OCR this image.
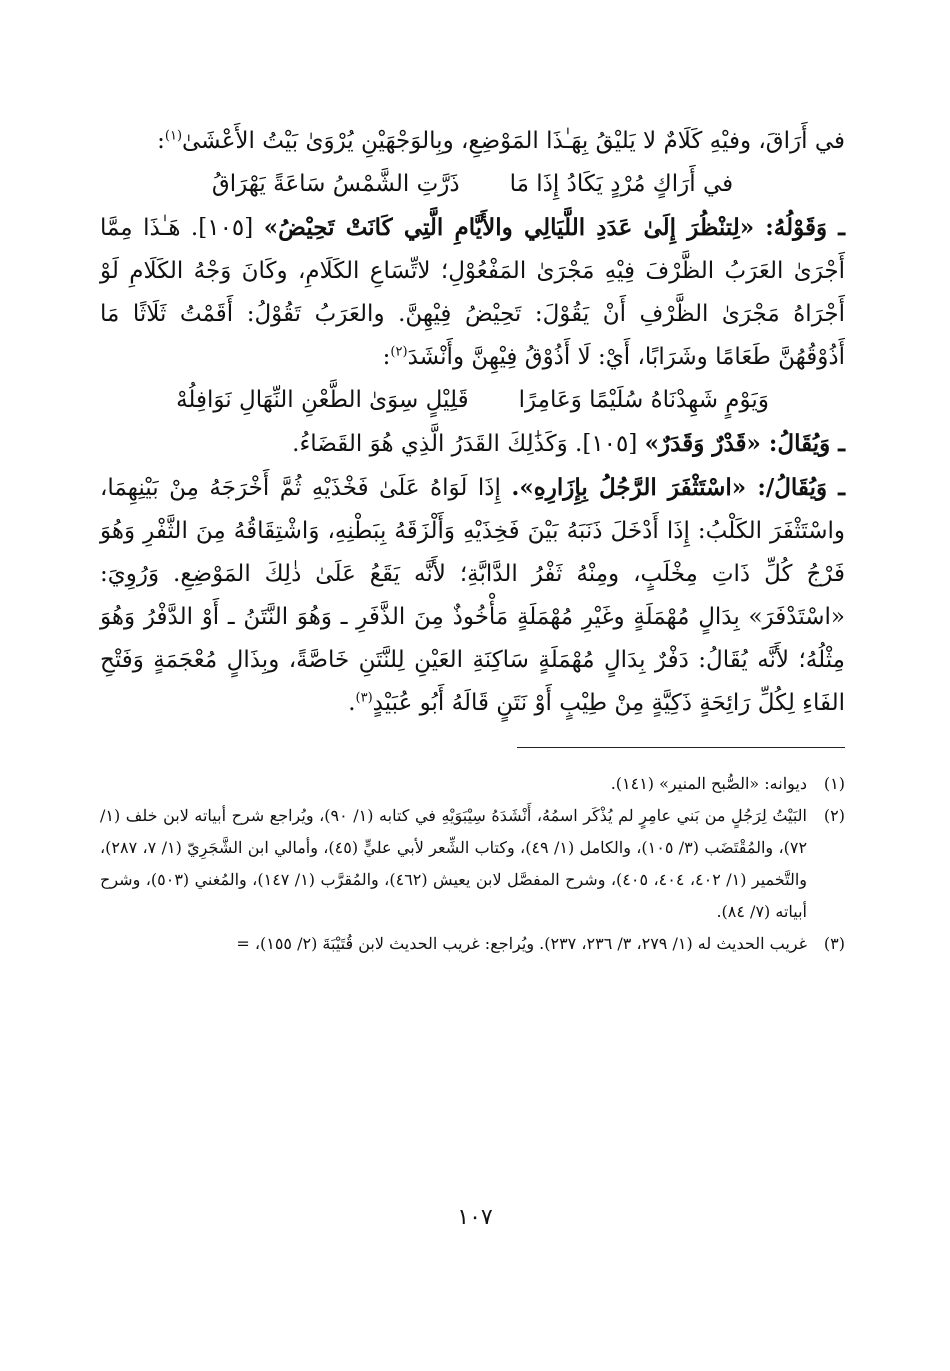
في أَرَاقَ، وفيْهِ كَلَامٌ لا يَليْقُ بِهَـٰذَا المَوْضِعِ، وبِالوَجْهَيْنِ يُرْوَىٰ بَيْتُ الأَعْشَىٰ$^{(١)}$:

في أَرَاكٍ مُرْدٍ يَكَادُ إِذَا مَا
ذَرَّتِ الشَّمْسُ سَاعَةً يَهْرَاقُ

ـ وَقَوْلُهُ: «لِتنْظُرَ إِلَىٰ عَدَدِ اللَّيَالِي والأَيَّامِ الَّتِي كَانَتْ تَحِيْضُ» [١٠٥]. هَـٰذَا مِمَّا أَجْرَىٰ العَرَبُ الظَّرْفَ فِيْهِ مَجْرَىٰ المَفْعُوْلِ؛ لاتِّسَاعِ الكَلَامِ، وكَانَ وَجْهُ الكَلَامِ لَوْ أَجْرَاهُ مَجْرَىٰ الظَّرْفِ أَنْ يَقُوْلَ: تَحِيْضُ فِيْهِنَّ. والعَرَبُ تَقُوْلُ: أَقَمْتُ ثَلَاثًا مَا أَذُوْقُهُنَّ طَعَامًا وشَرَابًا، أَيْ: لَا أَذُوْقُ فِيْهِنَّ وأَنْشَدَ$^{(٢)}$:

وَيَوْمٍ شَهِدْنَاهُ سُلَيْمًا وَعَامِرًا
قَلِيْلٍ سِوَىٰ الطَّعْنِ النِّهَالِ نَوَافِلُهْ

ـ وَيُقَالُ: «قَدْرٌ وَقَدَرٌ» [١٠٥]. وَكَذَٰلِكَ القَدَرُ الَّذِي هُوَ القَضَاءُ.

ـ وَيُقَالُ/: «اسْتَثْفَرَ الرَّجُلُ بِإِزَارِهِ». إِذَا لَوَاهُ عَلَىٰ فَخْذَيْهِ ثُمَّ أَخْرَجَهُ مِنْ بَيْنِهِمَا، واسْتَثْفَرَ الكَلْبُ: إِذَا أَدْخَلَ ذَنَبَهُ بَيْنَ فَخِذَيْهِ وَأَلْزَقَهُ بِبَطْنِهِ، وَاشْتِقَاقُهُ مِنَ الثَّفْرِ وَهُوَ فَرْجُ كُلِّ ذَاتِ مِخْلَبٍ، ومِنْهُ ثَفْرُ الدَّابَّةِ؛ لأَنَّه يَقَعُ عَلَىٰ ذٰلِكَ المَوْضِعِ. وَرُوِيَ: «اسْتَدْفَرَ» بِدَالٍ مُهْمَلَةٍ وغَيْرِ مُهْمَلَةٍ مَأْخُوذٌ مِنَ الذَّفَرِ ـ وَهُوَ النَّتَنُ ـ أَوْ الدَّفْرُ وَهُوَ مِثْلُهُ؛ لأَنَّه يُقَالُ: دَفْرٌ بِدَالٍ مُهْمَلَةٍ سَاكِنَةِ العَيْنِ لِلنَّتَنِ خَاصَّةً، وبِذَالٍ مُعْجَمَةٍ وَفَتْحِ الفَاءِ لِكُلِّ رَائِحَةٍ ذَكِيَّةٍ مِنْ طِيْبٍ أَوْ نَتَنٍ قَالَهُ أَبُو عُبَيْدٍ$^{(٣)}$.

(١)
ديوانه: «الصُّبح المنير» (١٤١).
(٢)
البَيْتُ لِرَجُلٍ من بَني عامِرٍ لم يُذْكَر اسمُهُ، أَنْشَدَهُ سِيْبَوَيْهِ في كتابه (١/ ٩٠)، ويُراجع شرح أبياته لابن خلف (١/ ٧٢)، والمُقْتَضَب (٣/ ١٠٥)، والكامل (١/ ٤٩)، وكتاب الشِّعر لأبي عليٍّ (٤٥)، وأمالي ابن الشَّجَرِيّ (١/ ٧، ٢٨٧)، والتَّخمير (١/ ٤٠٢، ٤٠٤، ٤٠٥)، وشرح المفصَّل لابن يعيش (٤٦٢)، والمُقرَّب (١/ ١٤٧)، والمُغني (٥٠٣)، وشرح أبياته (٧/ ٨٤).
(٣)
غريب الحديث له (١/ ٢٧٩، ٣/ ٢٣٦، ٢٣٧). ويُراجع: غريب الحديث لابن قُتَيْبَةَ (٢/ ١٥٥)، =
١٠٧
